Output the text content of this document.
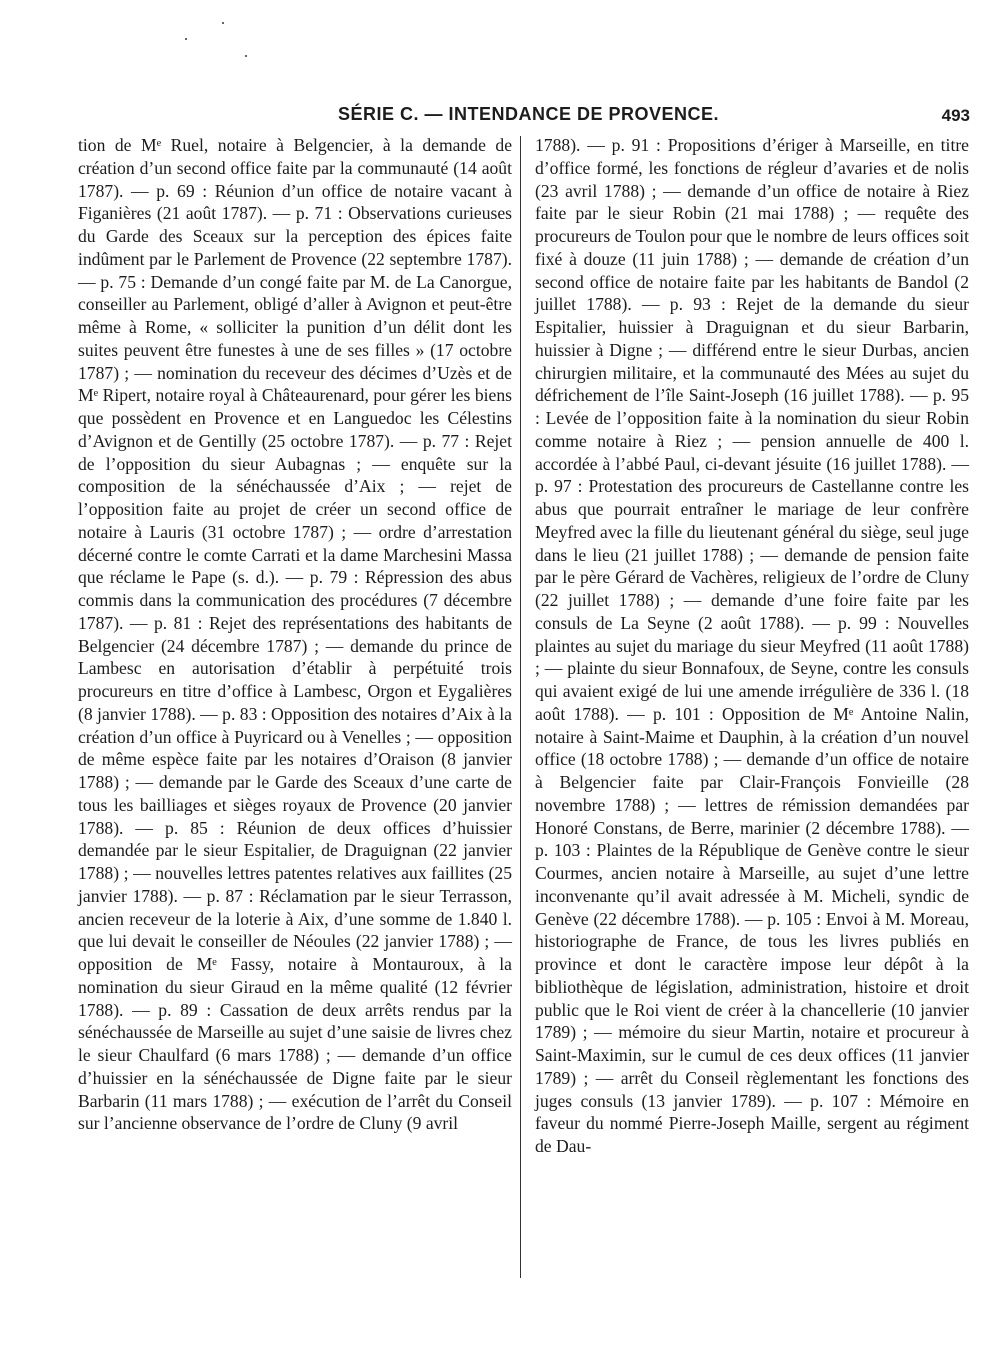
SÉRIE C. — INTENDANCE DE PROVENCE.	493

tion de Mᵉ Ruel, notaire à Belgencier, à la demande de création d’un second office faite par la communauté (14 août 1787). — p. 69 : Réunion d’un office de notaire vacant à Figanières (21 août 1787). — p. 71 : Observations curieuses du Garde des Sceaux sur la perception des épices faite indûment par le Parlement de Provence (22 septembre 1787). — p. 75 : Demande d’un congé faite par M. de La Canorgue, conseiller au Parlement, obligé d’aller à Avignon et peut-être même à Rome, « solliciter la punition d’un délit dont les suites peuvent être funestes à une de ses filles » (17 octobre 1787) ; — nomination du receveur des décimes d’Uzès et de Mᵉ Ripert, notaire royal à Châteaurenard, pour gérer les biens que possèdent en Provence et en Languedoc les Célestins d’Avignon et de Gentilly (25 octobre 1787). — p. 77 : Rejet de l’opposition du sieur Aubagnas ; — enquête sur la composition de la sénéchaussée d’Aix ; — rejet de l’opposition faite au projet de créer un second office de notaire à Lauris (31 octobre 1787) ; — ordre d’arrestation décerné contre le comte Carrati et la dame Marchesini Massa que réclame le Pape (s. d.). — p. 79 : Répression des abus commis dans la communication des procédures (7 décembre 1787). — p. 81 : Rejet des représentations des habitants de Belgencier (24 décembre 1787) ; — demande du prince de Lambesc en autorisation d’établir à perpétuité trois procureurs en titre d’office à Lambesc, Orgon et Eygalières (8 janvier 1788). — p. 83 : Opposition des notaires d’Aix à la création d’un office à Puyricard ou à Venelles ; — opposition de même espèce faite par les notaires d’Oraison (8 janvier 1788) ; — demande par le Garde des Sceaux d’une carte de tous les bailliages et sièges royaux de Provence (20 janvier 1788). — p. 85 : Réunion de deux offices d’huissier demandée par le sieur Espitalier, de Draguignan (22 janvier 1788) ; — nouvelles lettres patentes relatives aux faillites (25 janvier 1788). — p. 87 : Réclamation par le sieur Terrasson, ancien receveur de la loterie à Aix, d’une somme de 1.840 l. que lui devait le conseiller de Néoules (22 janvier 1788) ; — opposition de Mᵉ Fassy, notaire à Montauroux, à la nomination du sieur Giraud en la même qualité (12 février 1788). — p. 89 : Cassation de deux arrêts rendus par la sénéchaussée de Marseille au sujet d’une saisie de livres chez le sieur Chaulfard (6 mars 1788) ; — demande d’un office d’huissier en la sénéchaussée de Digne faite par le sieur Barbarin (11 mars 1788) ; — exécution de l’arrêt du Conseil sur l’ancienne observance de l’ordre de Cluny (9 avril

1788). — p. 91 : Propositions d’ériger à Marseille, en titre d’office formé, les fonctions de régleur d’avaries et de nolis (23 avril 1788) ; — demande d’un office de notaire à Riez faite par le sieur Robin (21 mai 1788) ; — requête des procureurs de Toulon pour que le nombre de leurs offices soit fixé à douze (11 juin 1788) ; — demande de création d’un second office de notaire faite par les habitants de Bandol (2 juillet 1788). — p. 93 : Rejet de la demande du sieur Espitalier, huissier à Draguignan et du sieur Barbarin, huissier à Digne ; — différend entre le sieur Durbas, ancien chirurgien militaire, et la communauté des Mées au sujet du défrichement de l’île Saint-Joseph (16 juillet 1788). — p. 95 : Levée de l’opposition faite à la nomination du sieur Robin comme notaire à Riez ; — pension annuelle de 400 l. accordée à l’abbé Paul, ci-devant jésuite (16 juillet 1788). — p. 97 : Protestation des procureurs de Castellanne contre les abus que pourrait entraîner le mariage de leur confrère Meyfred avec la fille du lieutenant général du siège, seul juge dans le lieu (21 juillet 1788) ; — demande de pension faite par le père Gérard de Vachères, religieux de l’ordre de Cluny (22 juillet 1788) ; — demande d’une foire faite par les consuls de La Seyne (2 août 1788). — p. 99 : Nouvelles plaintes au sujet du mariage du sieur Meyfred (11 août 1788) ; — plainte du sieur Bonnafoux, de Seyne, contre les consuls qui avaient exigé de lui une amende irrégulière de 336 l. (18 août 1788). — p. 101 : Opposition de Mᵉ Antoine Nalin, notaire à Saint-Maime et Dauphin, à la création d’un nouvel office (18 octobre 1788) ; — demande d’un office de notaire à Belgencier faite par Clair-François Fonvieille (28 novembre 1788) ; — lettres de rémission demandées par Honoré Constans, de Berre, marinier (2 décembre 1788). — p. 103 : Plaintes de la République de Genève contre le sieur Courmes, ancien notaire à Marseille, au sujet d’une lettre inconvenante qu’il avait adressée à M. Micheli, syndic de Genève (22 décembre 1788). — p. 105 : Envoi à M. Moreau, historiographe de France, de tous les livres publiés en province et dont le caractère impose leur dépôt à la bibliothèque de législation, administration, histoire et droit public que le Roi vient de créer à la chancellerie (10 janvier 1789) ; — mémoire du sieur Martin, notaire et procureur à Saint-Maximin, sur le cumul de ces deux offices (11 janvier 1789) ; — arrêt du Conseil règlementant les fonctions des juges consuls (13 janvier 1789). — p. 107 : Mémoire en faveur du nommé Pierre-Joseph Maille, sergent au régiment de Dau-
